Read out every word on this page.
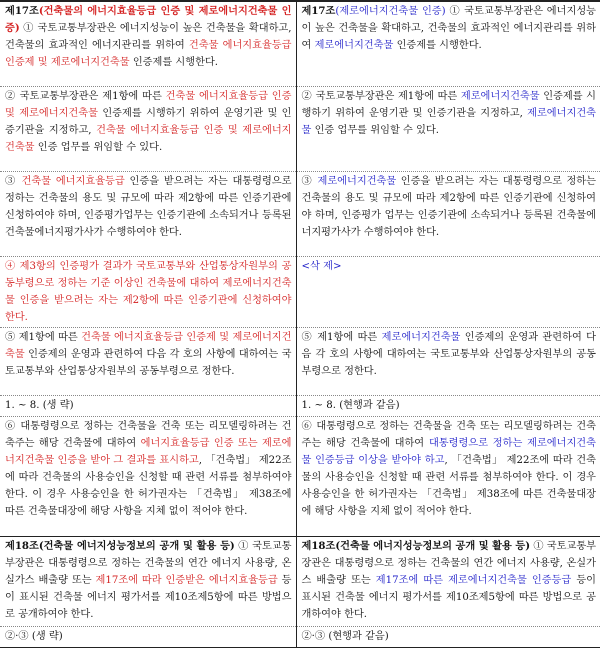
제17조(건축물의 에너지효율등급 인증 및 제로에너지건축물 인증) ① 국토교통부장관은 에너지성능이 높은 건축물을 확대하고, 건축물의 효과적인 에너지관리를 위하여 건축물 에너지효율등급 인증제 및 제로에너지건축물 인증제를 시행한다.	제17조(제로에너지건축물 인증) ① 국토교통부장관은 에너지성능이 높은 건축물을 확대하고, 건축물의 효과적인 에너지관리를 위하여 제로에너지건축물 인증제를 시행한다.
② 국토교통부장관은 제1항에 따른 건축물 에너지효율등급 인증 및 제로에너지건축물 인증제를 시행하기 위하여 운영기관 및 인증기관을 지정하고, 건축물 에너지효율등급 인증 및 제로에너지건축물 인증 업무를 위임할 수 있다.	② 국토교통부장관은 제1항에 따른 제로에너지건축물 인증제를 시행하기 위하여 운영기관 및 인증기관을 지정하고, 제로에너지건축물 인증 업무를 위임할 수 있다.
③ 건축물 에너지효율등급 인증을 받으려는 자는 대통령령으로 정하는 건축물의 용도 및 규모에 따라 제2항에 따른 인증기관에 신청하여야 하며, 인증평가업무는 인증기관에 소속되거나 등록된 건축물에너지평가사가 수행하여야 한다.	③ 제로에너지건축물 인증을 받으려는 자는 대통령령으로 정하는 건축물의 용도 및 규모에 따라 제2항에 따른 인증기관에 신청하여야 하며, 인증평가 업무는 인증기관에 소속되거나 등록된 건축물에너지평가사가 수행하여야 한다.
④ 제3항의 인증평가 결과가 국토교통부와 산업통상자원부의 공동부령으로 정하는 기준 이상인 건축물에 대하여 제로에너지건축물 인증을 받으려는 자는 제2항에 따른 인증기관에 신청하여야 한다.	<삭 제>
⑤ 제1항에 따른 건축물 에너지효율등급 인증제 및 제로에너지건축물 인증제의 운영과 관련하여 다음 각 호의 사항에 대하여는 국토교통부와 산업통상자원부의 공동부령으로 정한다.	⑤ 제1항에 따른 제로에너지건축물 인증제의 운영과 관련하여 다음 각 호의 사항에 대하여는 국토교통부와 산업통상자원부의 공동부령으로 정한다.
1. ~ 8. (생 략)	1. ~ 8. (현행과 같음)
⑥ 대통령령으로 정하는 건축물을 건축 또는 리모델링하려는 건축주는 해당 건축물에 대하여 에너지효율등급 인증 또는 제로에너지건축물 인증을 받아 그 결과를 표시하고, 「건축법」 제22조에 따라 건축물의 사용승인을 신청할 때 관련 서류를 첨부하여야 한다. 이 경우 사용승인을 한 허가권자는 「건축법」 제38조에 따른 건축물대장에 해당 사항을 지체 없이 적어야 한다.	⑥ 대통령령으로 정하는 건축물을 건축 또는 리모델링하려는 건축주는 해당 건축물에 대하여 대통령령으로 정하는 제로에너지건축물 인증등급 이상을 받아야 하고, 「건축법」 제22조에 따라 건축물의 사용승인을 신청할 때 관련 서류를 첨부하여야 한다. 이 경우 사용승인을 한 허가권자는 「건축법」 제38조에 따른 건축물대장에 해당 사항을 지체 없이 적어야 한다.
제18조(건축물 에너지성능정보의 공개 및 활용 등) ① 국토교통부장관은 대통령령으로 정하는 건축물의 연간 에너지 사용량, 온실가스 배출량 또는 제17조에 따라 인증받은 에너지효율등급 등이 표시된 건축물 에너지 평가서를 제10조제5항에 따른 방법으로 공개하여야 한다.	제18조(건축물 에너지성능정보의 공개 및 활용 등) ① 국토교통부장관은 대통령령으로 정하는 건축물의 연간 에너지 사용량, 온실가스 배출량 또는 제17조에 따른 제로에너지건축물 인증등급 등이 표시된 건축물 에너지 평가서를 제10조제5항에 따른 방법으로 공개하여야 한다.
②·③ (생 략)	②·③ (현행과 같음)
